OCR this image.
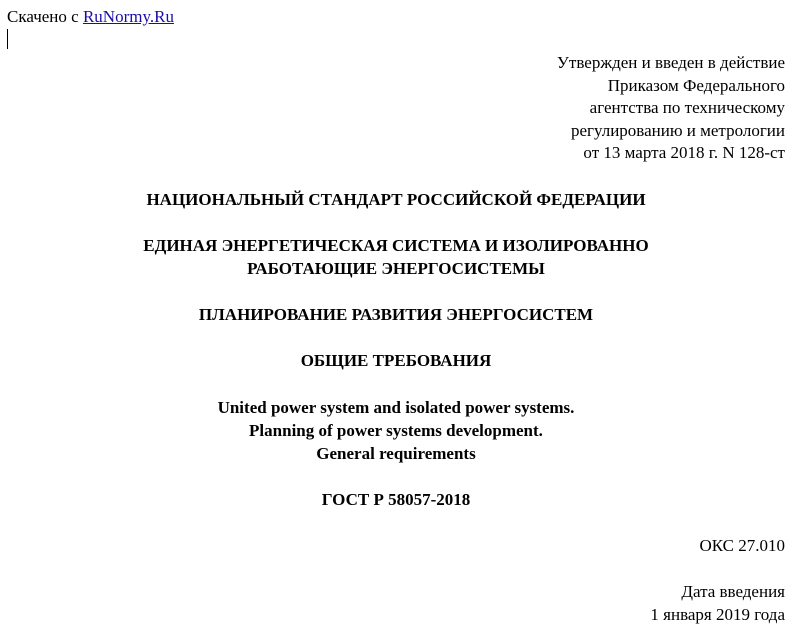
Скачено с RuNormy.Ru
Утвержден и введен в действие
Приказом Федерального
агентства по техническому
регулированию и метрологии
от 13 марта 2018 г. N 128-ст
НАЦИОНАЛЬНЫЙ СТАНДАРТ РОССИЙСКОЙ ФЕДЕРАЦИИ
ЕДИНАЯ ЭНЕРГЕТИЧЕСКАЯ СИСТЕМА И ИЗОЛИРОВАННО
РАБОТАЮЩИЕ ЭНЕРГОСИСТЕМЫ
ПЛАНИРОВАНИЕ РАЗВИТИЯ ЭНЕРГОСИСТЕМ
ОБЩИЕ ТРЕБОВАНИЯ
United power system and isolated power systems.
Planning of power systems development.
General requirements
ГОСТ Р 58057-2018
ОКС 27.010
Дата введения
1 января 2019 года
